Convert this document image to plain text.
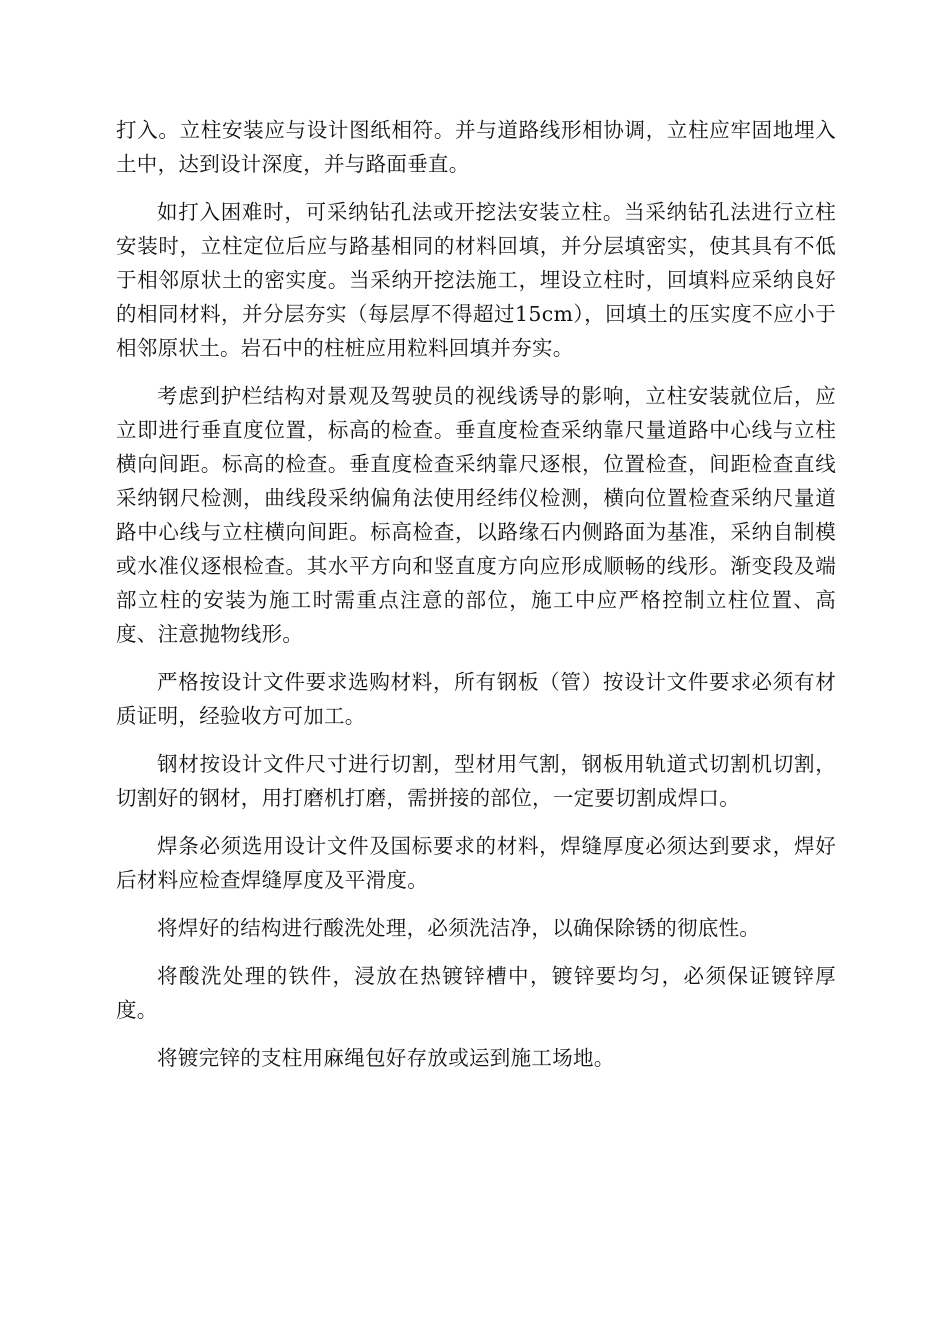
打入。立柱安装应与设计图纸相符。并与道路线形相协调，立柱应牢固地埋入土中，达到设计深度，并与路面垂直。

如打入困难时，可采纳钻孔法或开挖法安装立柱。当采纳钻孔法进行立柱安装时，立柱定位后应与路基相同的材料回填，并分层填密实，使其具有不低于相邻原状土的密实度。当采纳开挖法施工，埋设立柱时，回填料应采纳良好的相同材料，并分层夯实（每层厚不得超过15cm），回填土的压实度不应小于相邻原状土。岩石中的柱桩应用粒料回填并夯实。

考虑到护栏结构对景观及驾驶员的视线诱导的影响，立柱安装就位后，应立即进行垂直度位置，标高的检查。垂直度检查采纳靠尺量道路中心线与立柱横向间距。标高的检查。垂直度检查采纳靠尺逐根，位置检查，间距检查直线采纳钢尺检测，曲线段采纳偏角法使用经纬仪检测，横向位置检查采纳尺量道路中心线与立柱横向间距。标高检查，以路缘石内侧路面为基准，采纳自制模或水准仪逐根检查。其水平方向和竖直度方向应形成顺畅的线形。渐变段及端部立柱的安装为施工时需重点注意的部位，施工中应严格控制立柱位置、高度、注意抛物线形。

严格按设计文件要求选购材料，所有钢板（管）按设计文件要求必须有材质证明，经验收方可加工。

钢材按设计文件尺寸进行切割，型材用气割，钢板用轨道式切割机切割，切割好的钢材，用打磨机打磨，需拼接的部位，一定要切割成焊口。

焊条必须选用设计文件及国标要求的材料，焊缝厚度必须达到要求，焊好后材料应检查焊缝厚度及平滑度。

将焊好的结构进行酸洗处理，必须洗洁净，以确保除锈的彻底性。

将酸洗处理的铁件，浸放在热镀锌槽中，镀锌要均匀，必须保证镀锌厚度。

将镀完锌的支柱用麻绳包好存放或运到施工场地。
